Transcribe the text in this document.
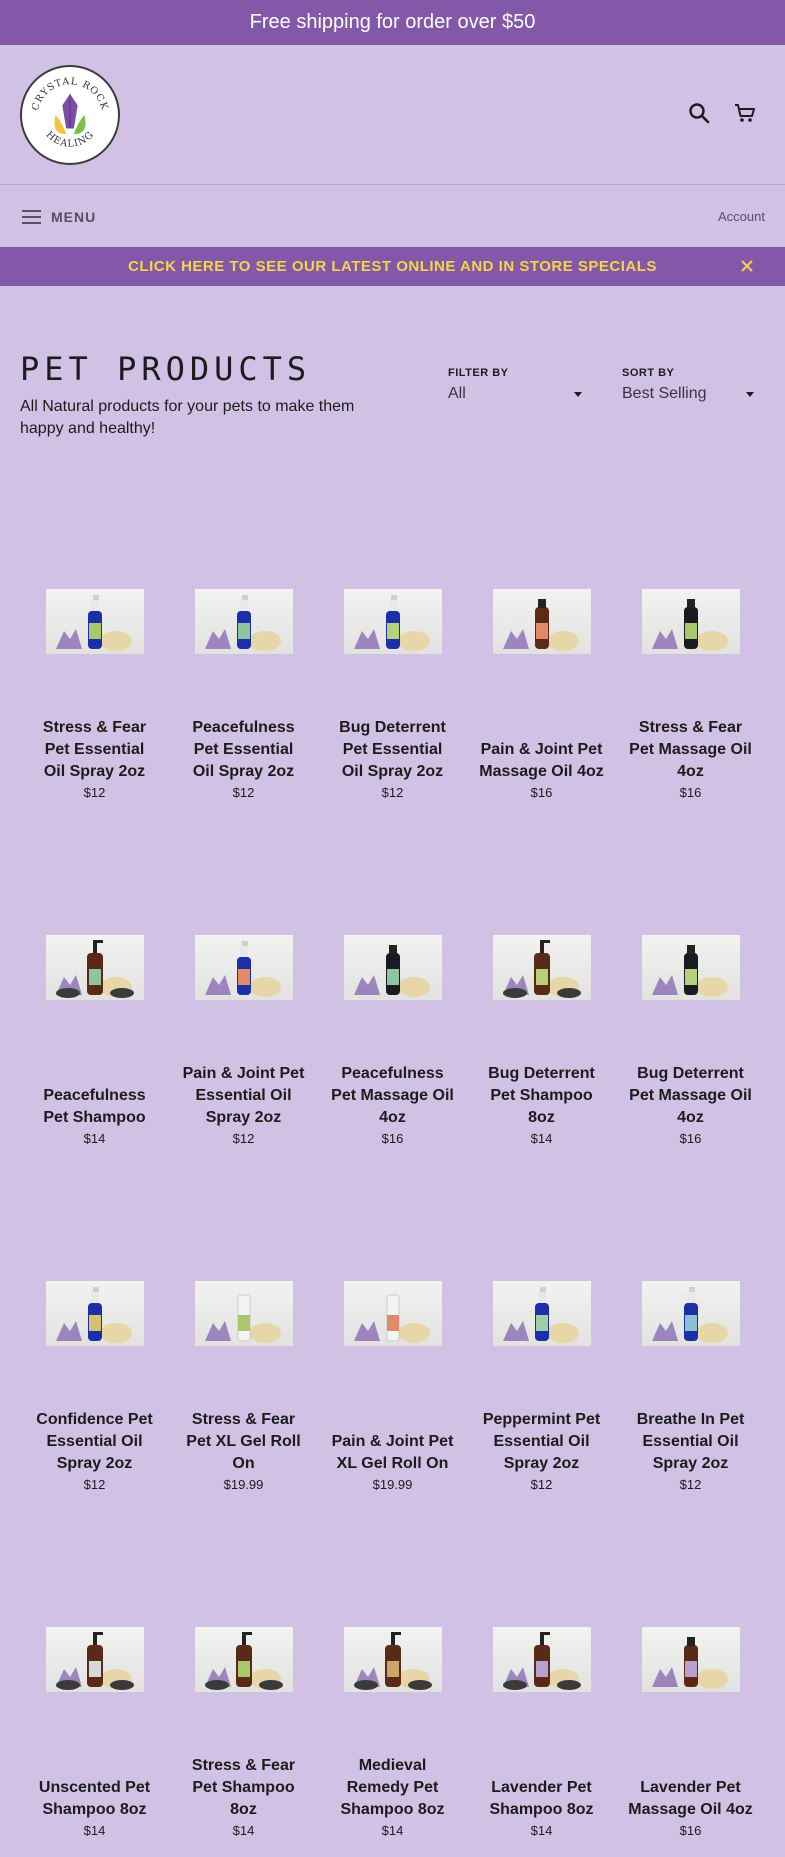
Free shipping for order over $50
CRYSTAL ROCK
HEALING
MENU	Account
CLICK HERE TO SEE OUR LATEST ONLINE AND IN STORE SPECIALS
PET PRODUCTS

All Natural products for your pets to make them happy and healthy!

FILTER BY
All
SORT BY
Best Selling
Stress & Fear Pet Essential Oil Spray 2oz
$12
Peacefulness Pet Essential Oil Spray 2oz
$12
Bug Deterrent Pet Essential Oil Spray 2oz
$12
Pain & Joint Pet Massage Oil 4oz
$16
Stress & Fear Pet Massage Oil 4oz
$16
Peacefulness Pet Shampoo
$14
Pain & Joint Pet Essential Oil Spray 2oz
$12
Peacefulness Pet Massage Oil 4oz
$16
Bug Deterrent Pet Shampoo 8oz
$14
Bug Deterrent Pet Massage Oil 4oz
$16
Confidence Pet Essential Oil Spray 2oz
$12
Stress & Fear Pet XL Gel Roll On
$19.99
Pain & Joint Pet XL Gel Roll On
$19.99
Peppermint Pet Essential Oil Spray 2oz
$12
Breathe In Pet Essential Oil Spray 2oz
$12
Unscented Pet Shampoo 8oz
$14
Stress & Fear Pet Shampoo 8oz
$14
Medieval Remedy Pet Shampoo 8oz
$14
Lavender Pet Shampoo 8oz
$14
Lavender Pet Massage Oil 4oz
$16
